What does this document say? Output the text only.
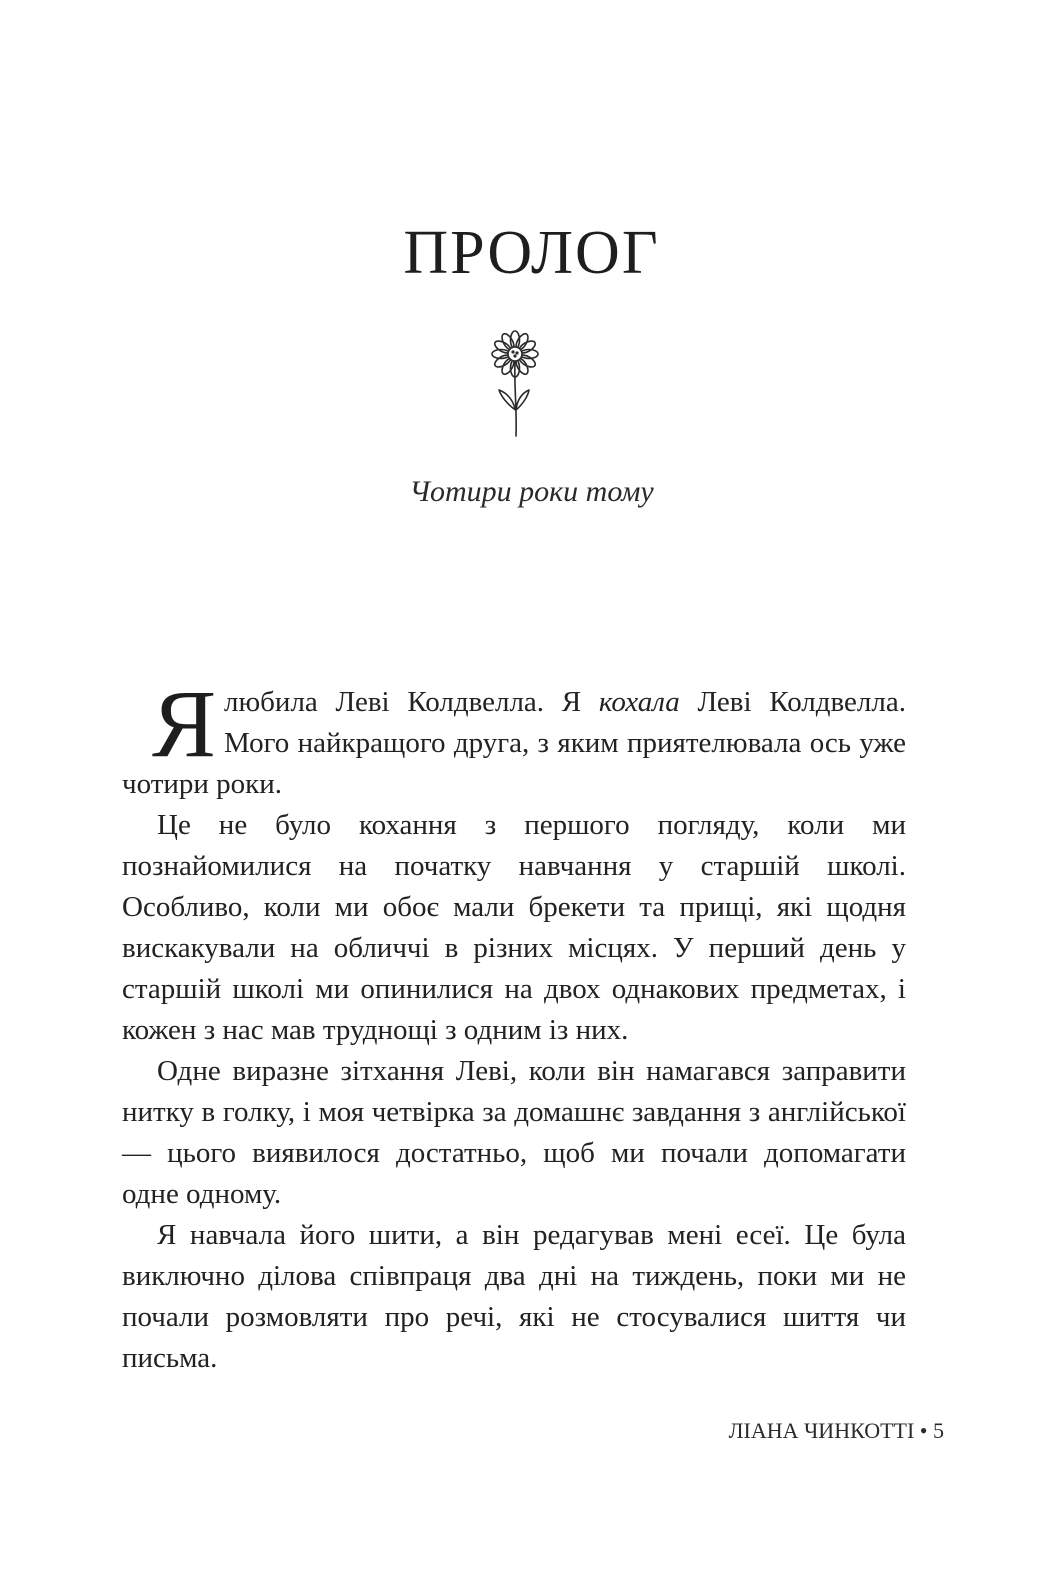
ПРОЛОГ
Чотири роки тому

Ялюбила Леві Колдвелла. Я кохала Леві Колдвелла. Мого найкращого друга, з яким приятелювала ось уже чотири роки.

Це не було кохання з першого погляду, коли ми познайомилися на початку навчання у старшій школі. Особливо, коли ми обоє мали брекети та прищі, які щодня вискакували на обличчі в різних місцях. У перший день у старшій школі ми опинилися на двох однакових предметах, і кожен з нас мав труднощі з одним із них.

Одне виразне зітхання Леві, коли він намагався заправити нитку в голку, і моя четвірка за домашнє завдання з англійської — цього виявилося достатньо, щоб ми почали допомагати одне одному.

Я навчала його шити, а він редагував мені есеї. Це була виключно ділова співпраця два дні на тиждень, поки ми не почали розмовляти про речі, які не стосувалися шиття чи письма.

ЛІАНА ЧИНКОТТІ • 5
